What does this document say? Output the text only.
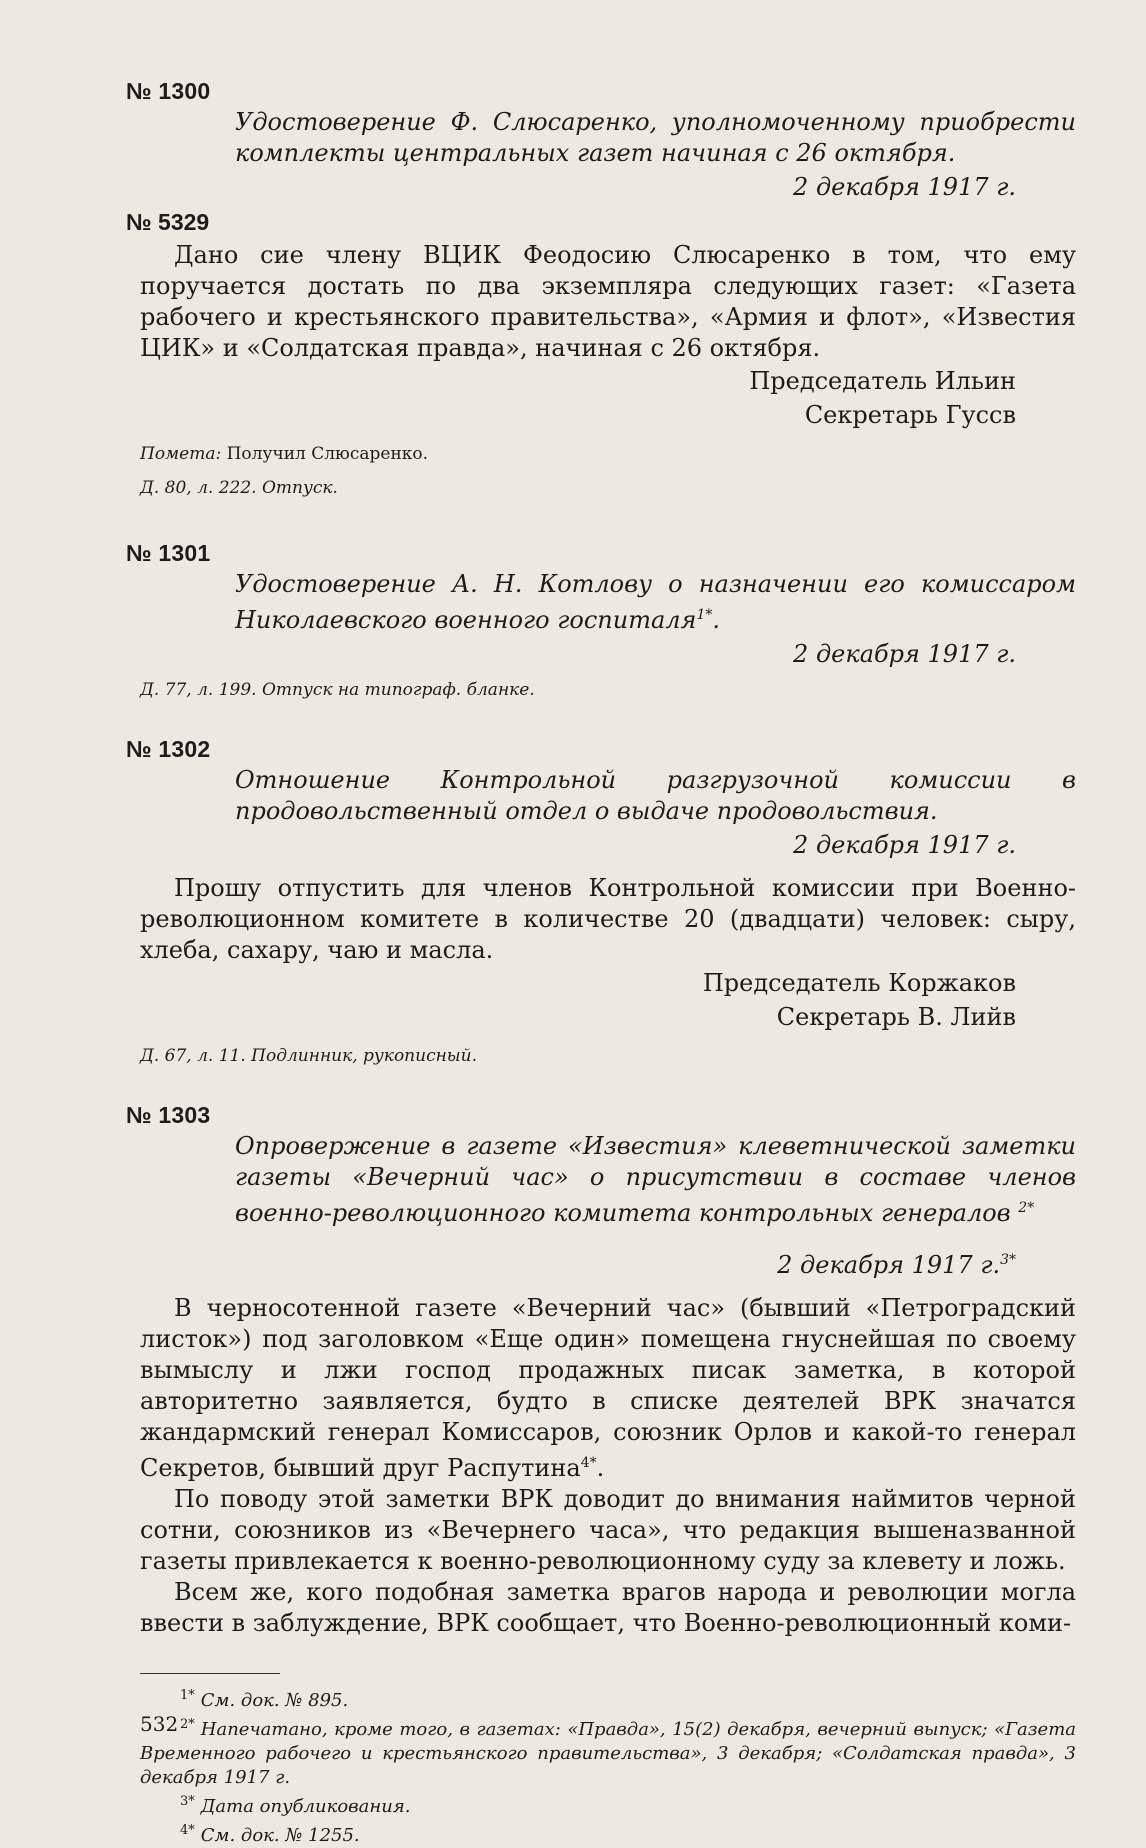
№ 1300

Удостоверение Ф. Слюсаренко, уполномоченному приобрести комплекты центральных газет начиная с 26 октября.

2 декабря 1917 г.
№ 5329

Дано сие члену ВЦИК Феодосию Слюсаренко в том, что ему поручается достать по два экземпляра следующих газет: «Газета рабочего и крестьянского правительства», «Армия и флот», «Известия ЦИК» и «Солдатская правда», начиная с 26 октября.

Председатель Ильин
Секретарь Гуссв
Помета: Получил Слюсаренко.
Д. 80, л. 222. Отпуск.
№ 1301

Удостоверение А. Н. Котлову о назначении его комиссаром Николаевского военного госпиталя$^{1*}$.

2 декабря 1917 г.
Д. 77, л. 199. Отпуск на типограф. бланке.
№ 1302

Отношение Контрольной разгрузочной комиссии в продовольственный отдел о выдаче продовольствия.

2 декабря 1917 г.

Прошу отпустить для членов Контрольной комиссии при Военно-революционном комитете в количестве 20 (двадцати) человек: сыру, хлеба, сахару, чаю и масла.

Председатель Коржаков
Секретарь В. Лийв
Д. 67, л. 11. Подлинник, рукописный.
№ 1303

Опровержение в газете «Известия» клеветнической заметки газеты «Вечерний час» о присутствии в составе членов военно-революционного комитета контрольных генералов $^{2*}$

2 декабря 1917 г.$^{3*}$

В черносотенной газете «Вечерний час» (бывший «Петроградский листок») под заголовком «Еще один» помещена гнуснейшая по своему вымыслу и лжи господ продажных писак заметка, в которой авторитетно заявляется, будто в списке деятелей ВРК значатся жандармский генерал Комиссаров, союзник Орлов и какой-то генерал Секретов, бывший друг Распутина$^{4*}$.

По поводу этой заметки ВРК доводит до внимания наймитов черной сотни, союзников из «Вечернего часа», что редакция вышеназванной газеты привлекается к военно-революционному суду за клевету и ложь.

Всем же, кого подобная заметка врагов народа и революции могла ввести в заблуждение, ВРК сообщает, что Военно-революционный коми-

$^{1*}$ См. док. № 895.

$^{2*}$ Напечатано, кроме того, в газетах: «Правда», 15(2) декабря, вечерний выпуск; «Газета Временного рабочего и крестьянского правительства», 3 декабря; «Солдатская правда», 3 декабря 1917 г.

$^{3*}$ Дата опубликования.

$^{4*}$ См. док. № 1255.

532
